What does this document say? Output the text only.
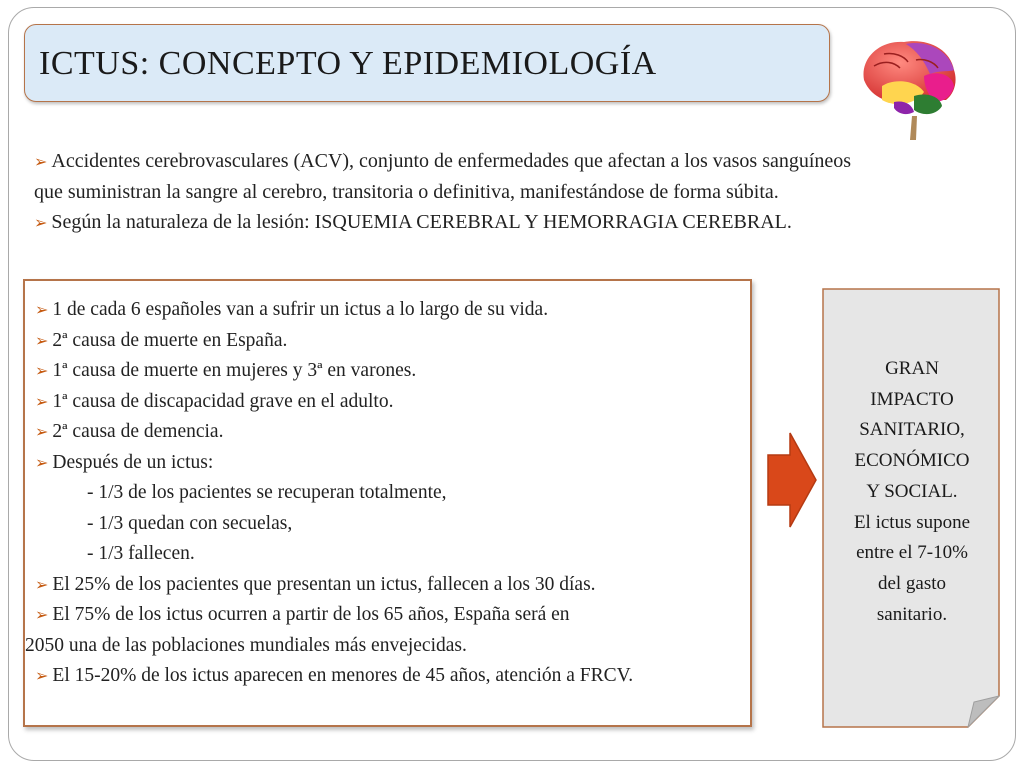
ICTUS: CONCEPTO Y EPIDEMIOLOGÍA
➢ Accidentes cerebrovasculares (ACV), conjunto de enfermedades que afectan a los vasos sanguíneos
que suministran la sangre al cerebro, transitoria o definitiva, manifestándose de forma súbita.
➢ Según la naturaleza de la lesión: ISQUEMIA CEREBRAL Y HEMORRAGIA CEREBRAL.
➢ 1 de cada 6 españoles van a sufrir un ictus a lo largo de su vida.
➢ 2ª causa de muerte en España.
➢ 1ª causa de muerte en mujeres y 3ª en varones.
➢ 1ª causa de discapacidad grave en el adulto.
➢ 2ª causa de demencia.
➢ Después de un ictus:
- 1/3 de los pacientes se recuperan totalmente,
- 1/3 quedan con secuelas,
- 1/3 fallecen.
➢ El 25% de los pacientes que presentan un ictus, fallecen a los 30 días.
➢ El 75% de los ictus ocurren a partir de los 65 años, España será en
2050 una de las poblaciones mundiales más envejecidas.
➢ El 15-20% de los ictus aparecen en menores de 45 años, atención a FRCV.
GRAN
IMPACTO
SANITARIO,
ECONÓMICO
Y SOCIAL.
El ictus supone
entre el 7-10%
del gasto
sanitario.
